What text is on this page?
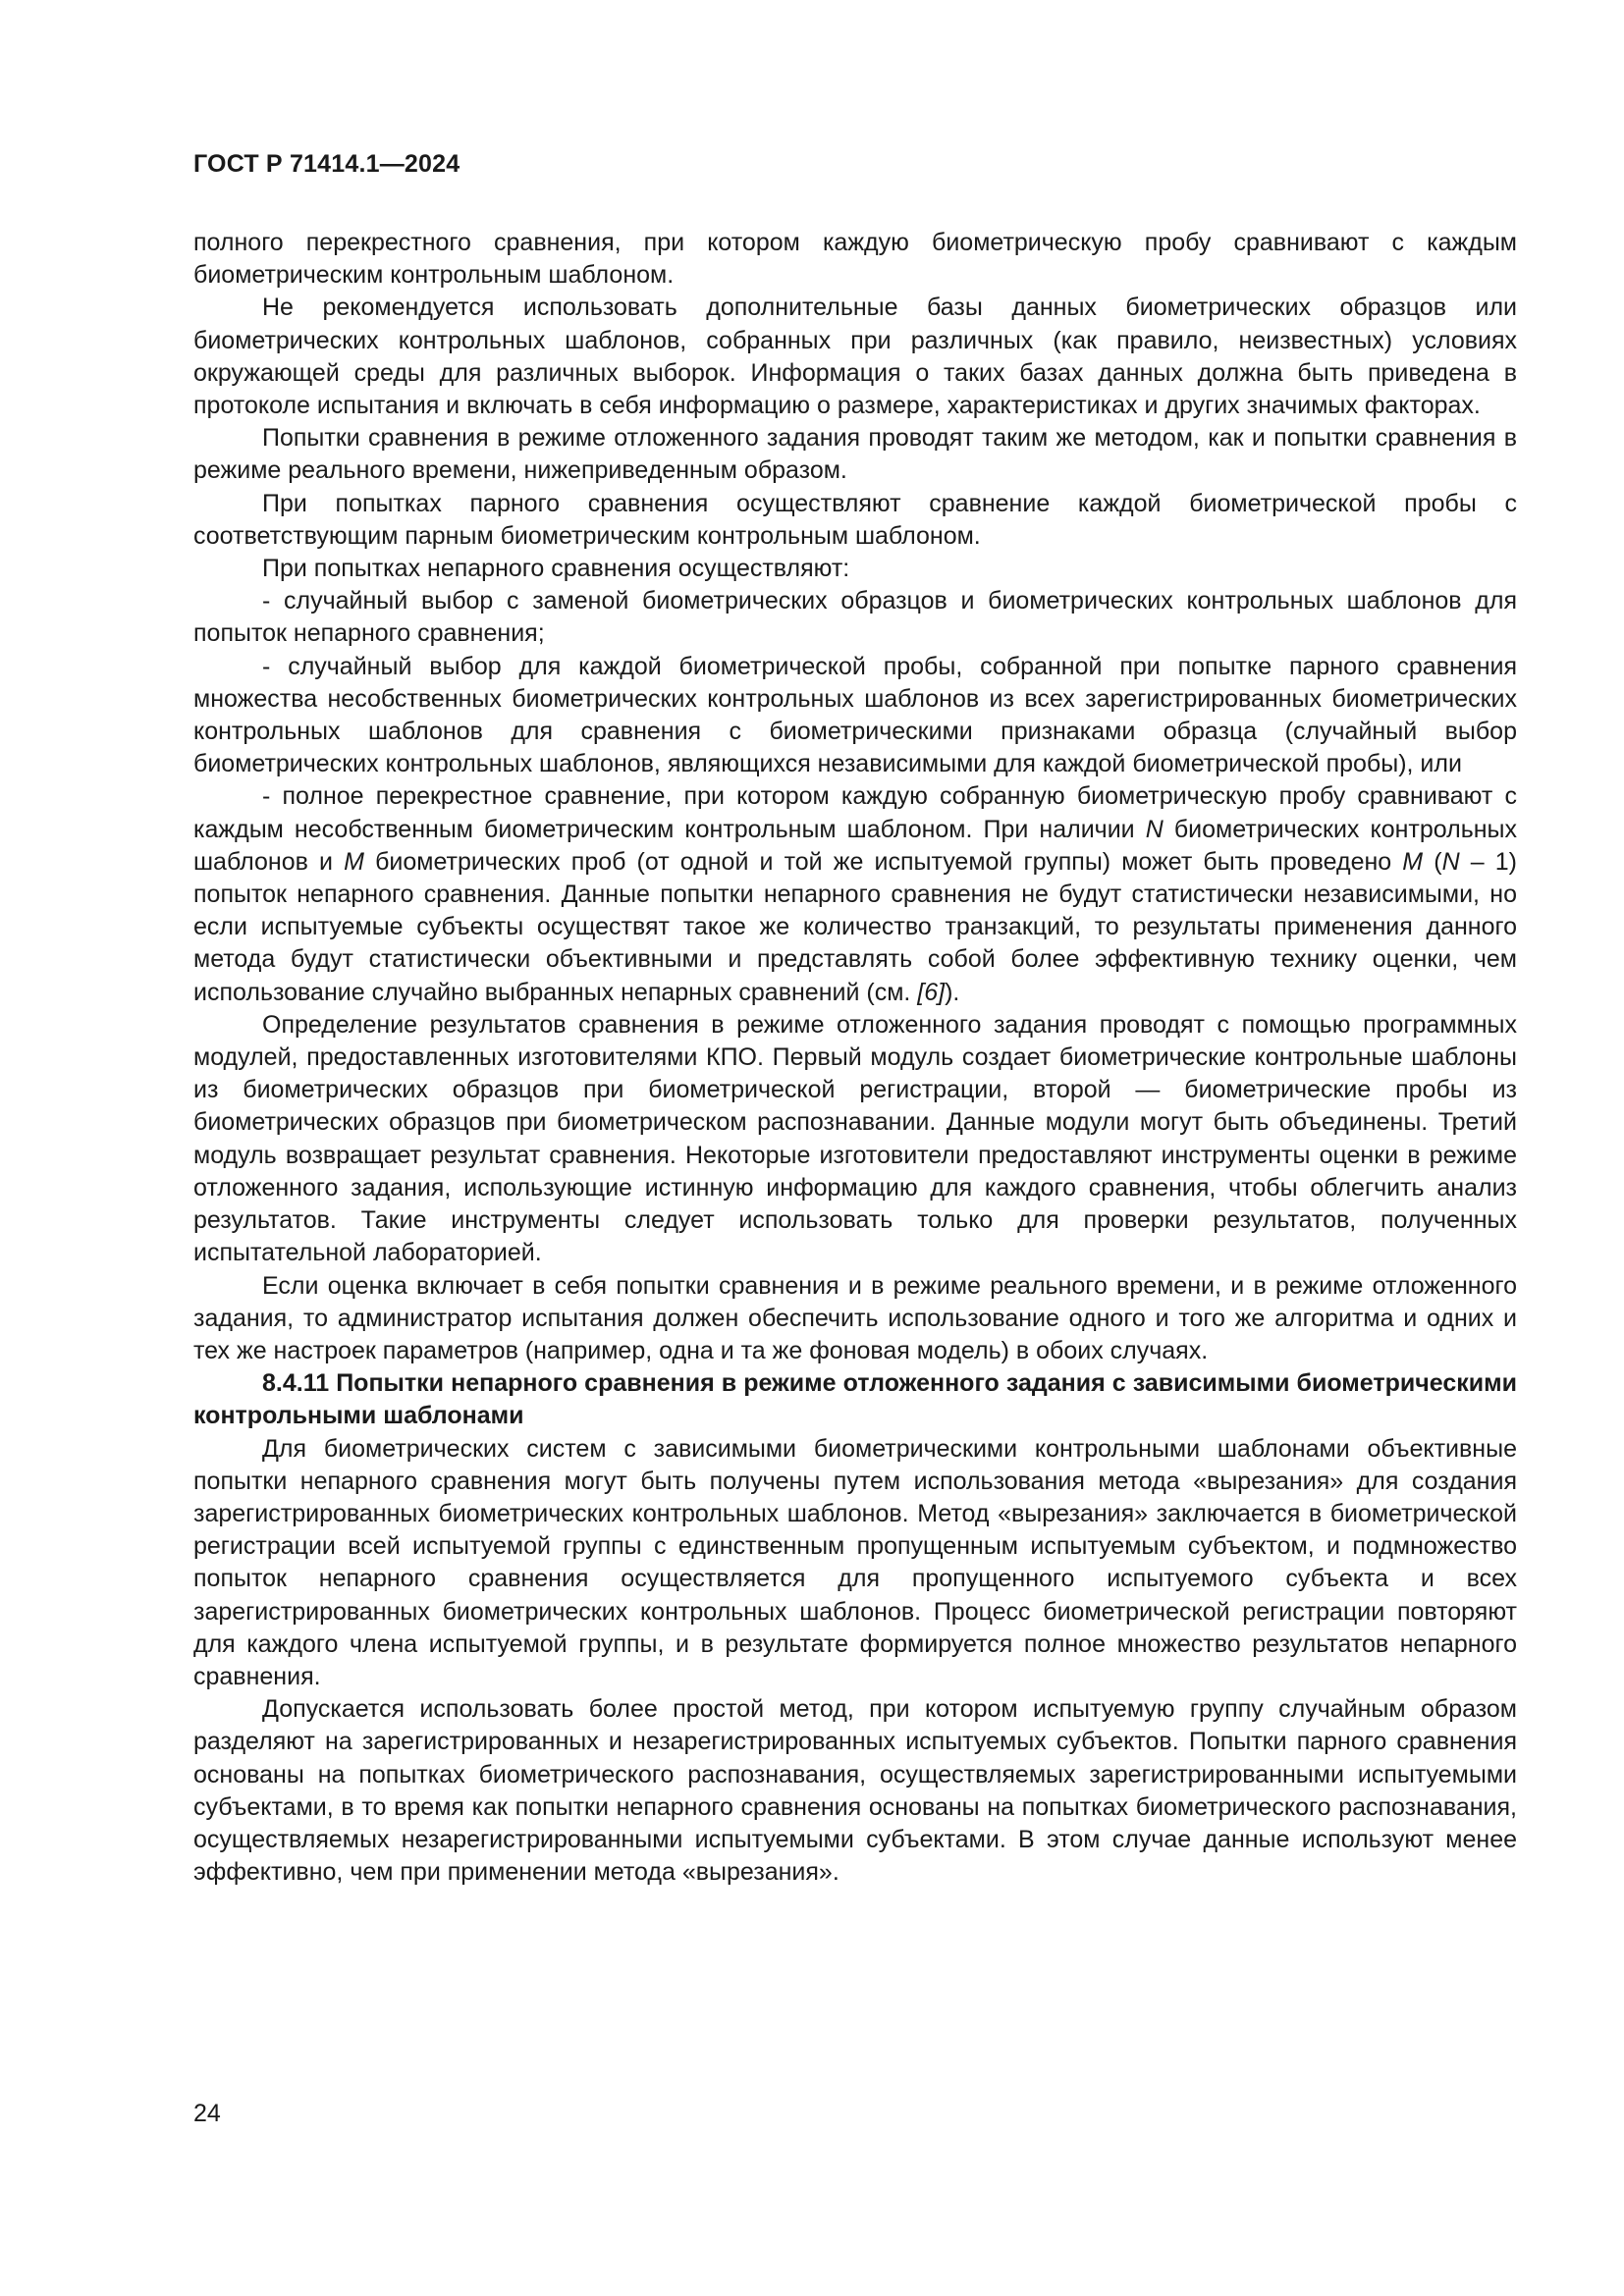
ГОСТ Р 71414.1—2024

полного перекрестного сравнения, при котором каждую биометрическую пробу сравнивают с каждым биометрическим контрольным шаблоном.

Не рекомендуется использовать дополнительные базы данных биометрических образцов или биометрических контрольных шаблонов, собранных при различных (как правило, неизвестных) условиях окружающей среды для различных выборок. Информация о таких базах данных должна быть приведена в протоколе испытания и включать в себя информацию о размере, характеристиках и других значимых факторах.

Попытки сравнения в режиме отложенного задания проводят таким же методом, как и попытки сравнения в режиме реального времени, нижеприведенным образом.

При попытках парного сравнения осуществляют сравнение каждой биометрической пробы с соответствующим парным биометрическим контрольным шаблоном.

При попытках непарного сравнения осуществляют:

- случайный выбор с заменой биометрических образцов и биометрических контрольных шаблонов для попыток непарного сравнения;

- случайный выбор для каждой биометрической пробы, собранной при попытке парного сравнения множества несобственных биометрических контрольных шаблонов из всех зарегистрированных биометрических контрольных шаблонов для сравнения с биометрическими признаками образца (случайный выбор биометрических контрольных шаблонов, являющихся независимыми для каждой биометрической пробы), или

- полное перекрестное сравнение, при котором каждую собранную биометрическую пробу сравнивают с каждым несобственным биометрическим контрольным шаблоном. При наличии N биометрических контрольных шаблонов и M биометрических проб (от одной и той же испытуемой группы) может быть проведено M (N – 1) попыток непарного сравнения. Данные попытки непарного сравнения не будут статистически независимыми, но если испытуемые субъекты осуществят такое же количество транзакций, то результаты применения данного метода будут статистически объективными и представлять собой более эффективную технику оценки, чем использование случайно выбранных непарных сравнений (см. [6]).

Определение результатов сравнения в режиме отложенного задания проводят с помощью программных модулей, предоставленных изготовителями КПО. Первый модуль создает биометрические контрольные шаблоны из биометрических образцов при биометрической регистрации, второй — биометрические пробы из биометрических образцов при биометрическом распознавании. Данные модули могут быть объединены. Третий модуль возвращает результат сравнения. Некоторые изготовители предоставляют инструменты оценки в режиме отложенного задания, использующие истинную информацию для каждого сравнения, чтобы облегчить анализ результатов. Такие инструменты следует использовать только для проверки результатов, полученных испытательной лабораторией.

Если оценка включает в себя попытки сравнения и в режиме реального времени, и в режиме отложенного задания, то администратор испытания должен обеспечить использование одного и того же алгоритма и одних и тех же настроек параметров (например, одна и та же фоновая модель) в обоих случаях.

8.4.11 Попытки непарного сравнения в режиме отложенного задания с зависимыми биометрическими контрольными шаблонами

Для биометрических систем с зависимыми биометрическими контрольными шаблонами объективные попытки непарного сравнения могут быть получены путем использования метода «вырезания» для создания зарегистрированных биометрических контрольных шаблонов. Метод «вырезания» заключается в биометрической регистрации всей испытуемой группы с единственным пропущенным испытуемым субъектом, и подмножество попыток непарного сравнения осуществляется для пропущенного испытуемого субъекта и всех зарегистрированных биометрических контрольных шаблонов. Процесс биометрической регистрации повторяют для каждого члена испытуемой группы, и в результате формируется полное множество результатов непарного сравнения.

Допускается использовать более простой метод, при котором испытуемую группу случайным образом разделяют на зарегистрированных и незарегистрированных испытуемых субъектов. Попытки парного сравнения основаны на попытках биометрического распознавания, осуществляемых зарегистрированными испытуемыми субъектами, в то время как попытки непарного сравнения основаны на попытках биометрического распознавания, осуществляемых незарегистрированными испытуемыми субъектами. В этом случае данные используют менее эффективно, чем при применении метода «вырезания».

24
